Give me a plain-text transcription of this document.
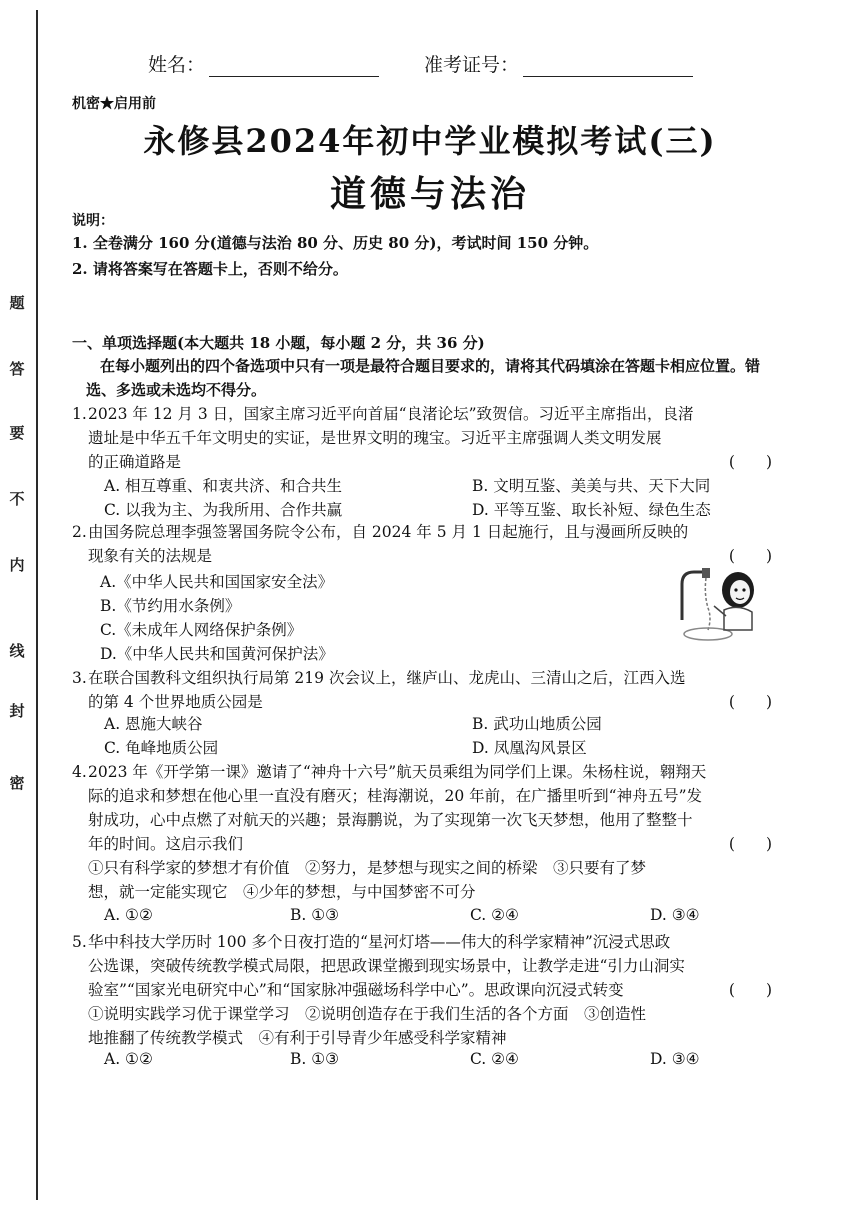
题
答
要
不
内
线
封
密
姓名：	准考证号：
机密★启用前
永修县2024年初中学业模拟考试(三)
道德与法治
说明：
1. 全卷满分 160 分(道德与法治 80 分、历史 80 分)，考试时间 150 分钟。
2. 请将答案写在答题卡上，否则不给分。
一、单项选择题(本大题共 18 小题，每小题 2 分，共 36 分)
在每小题列出的四个备选项中只有一项是最符合题目要求的，请将其代码填涂在答题卡相应位置。错选、多选或未选均不得分。
1. 2023 年 12 月 3 日，国家主席习近平向首届“良渚论坛”致贺信。习近平主席指出，良渚
遗址是中华五千年文明史的实证，是世界文明的瑰宝。习近平主席强调人类文明发展
的正确道路是	(　　)
A. 相互尊重、和衷共济、和合共生	B. 文明互鉴、美美与共、天下大同
C. 以我为主、为我所用、合作共赢	D. 平等互鉴、取长补短、绿色生态
2. 由国务院总理李强签署国务院令公布，自 2024 年 5 月 1 日起施行，且与漫画所反映的
现象有关的法规是	(　　)
A.《中华人民共和国国家安全法》
B.《节约用水条例》
C.《未成年人网络保护条例》
D.《中华人民共和国黄河保护法》
3. 在联合国教科文组织执行局第 219 次会议上，继庐山、龙虎山、三清山之后，江西入选
的第 4 个世界地质公园是	(　　)
A. 恩施大峡谷	B. 武功山地质公园
C. 龟峰地质公园	D. 凤凰沟风景区
4. 2023 年《开学第一课》邀请了“神舟十六号”航天员乘组为同学们上课。朱杨柱说，翱翔天
际的追求和梦想在他心里一直没有磨灭；桂海潮说，20 年前，在广播里听到“神舟五号”发
射成功，心中点燃了对航天的兴趣；景海鹏说，为了实现第一次飞天梦想，他用了整整十
年的时间。这启示我们	(　　)
①只有科学家的梦想才有价值　②努力，是梦想与现实之间的桥梁　③只要有了梦
想，就一定能实现它　④少年的梦想，与中国梦密不可分
A. ①②	B. ①③	C. ②④	D. ③④
5. 华中科技大学历时 100 多个日夜打造的“星河灯塔——伟大的科学家精神”沉浸式思政
公选课，突破传统教学模式局限，把思政课堂搬到现实场景中，让教学走进“引力山洞实
验室”“国家光电研究中心”和“国家脉冲强磁场科学中心”。思政课向沉浸式转变	(　　)
①说明实践学习优于课堂学习　②说明创造存在于我们生活的各个方面　③创造性
地推翻了传统教学模式　④有利于引导青少年感受科学家精神
A. ①②	B. ①③	C. ②④	D. ③④
